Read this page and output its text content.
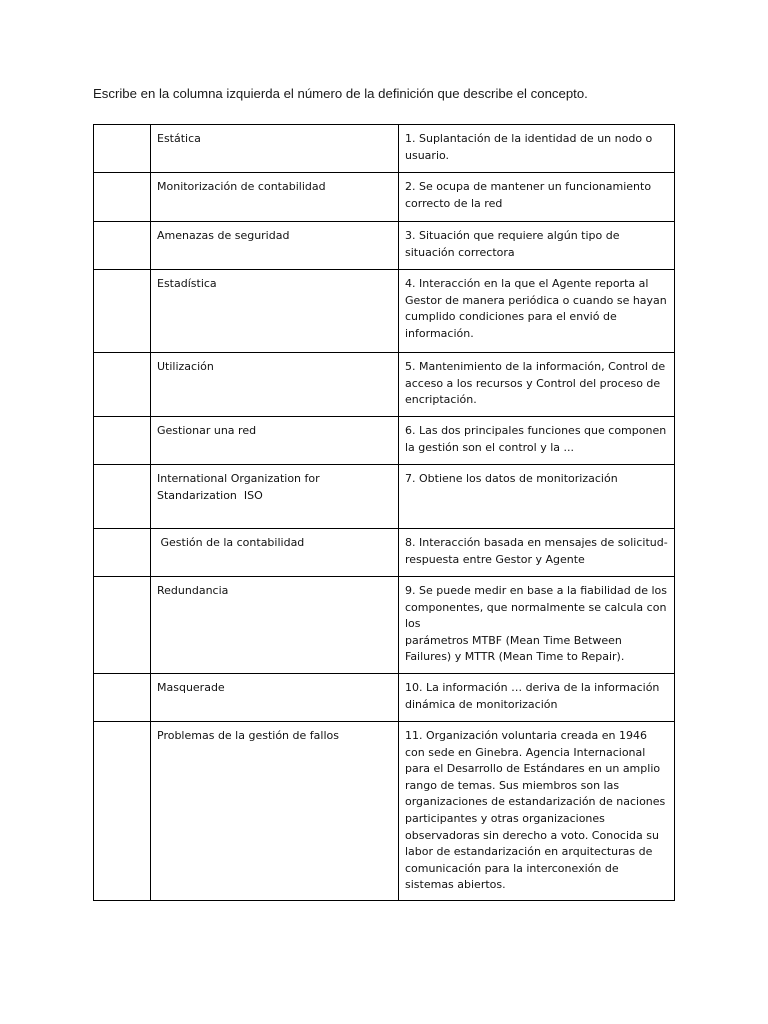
Escribe en la columna izquierda el número de la definición que describe el concepto.
	Estática	1. Suplantación de la identidad de un nodo o usuario.
	Monitorización de contabilidad	2. Se ocupa de mantener un funcionamiento correcto de la red
	Amenazas de seguridad	3. Situación que requiere algún tipo de situación correctora
	Estadística	4. Interacción en la que el Agente reporta al Gestor de manera periódica o cuando se hayan cumplido condiciones para el envió de información.
	Utilización	5. Mantenimiento de la información, Control de acceso a los recursos y Control del proceso de encriptación.
	Gestionar una red	6. Las dos principales funciones que componen la gestión son el control y la ...
	International Organization for Standarization  ISO	7. Obtiene los datos de monitorización
	Gestión de la contabilidad	8. Interacción basada en mensajes de solicitud-respuesta entre Gestor y Agente
	Redundancia	9. Se puede medir en base a la fiabilidad de los componentes, que normalmente se calcula con los
parámetros MTBF (Mean Time Between Failures) y MTTR (Mean Time to Repair).
	Masquerade	10. La información … deriva de la información dinámica de monitorización
	Problemas de la gestión de fallos	11. Organización voluntaria creada en 1946 con sede en Ginebra. Agencia Internacional para el Desarrollo de Estándares en un amplio rango de temas. Sus miembros son las organizaciones de estandarización de naciones participantes y otras organizaciones observadoras sin derecho a voto. Conocida su labor de estandarización en arquitecturas de comunicación para la interconexión de sistemas abiertos.
